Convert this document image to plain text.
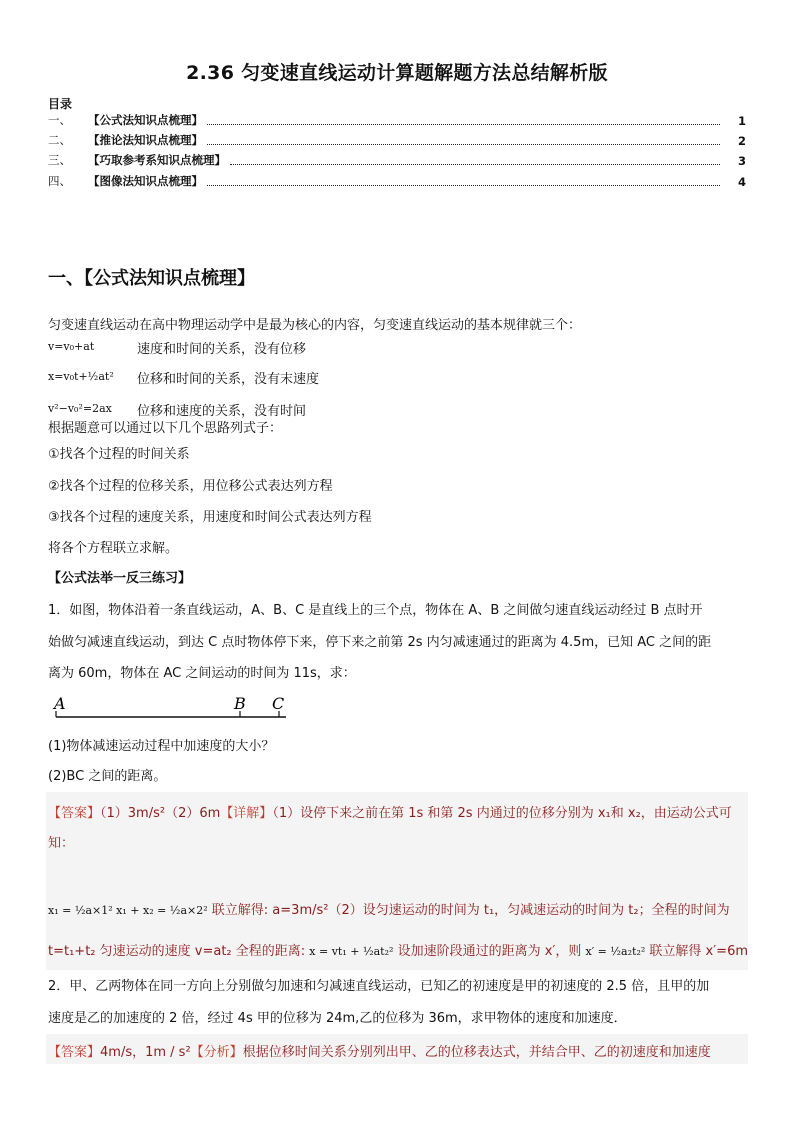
2.36 匀变速直线运动计算题解题方法总结解析版
目录
一、	【公式法知识点梳理】	1
二、	【推论法知识点梳理】	2
三、	【巧取参考系知识点梳理】	3
四、	【图像法知识点梳理】	4
一、【公式法知识点梳理】
匀变速直线运动在高中物理运动学中是最为核心的内容，匀变速直线运动的基本规律就三个：
v=v₀+at	速度和时间的关系，没有位移
x=v₀t+½at² 位移和时间的关系，没有末速度
v²−v₀²=2ax 位移和速度的关系，没有时间
根据题意可以通过以下几个思路列式子：
①找各个过程的时间关系
②找各个过程的位移关系，用位移公式表达列方程
③找各个过程的速度关系，用速度和时间公式表达列方程
将各个方程联立求解。
【公式法举一反三练习】
1．如图，物体沿着一条直线运动，A、B、C 是直线上的三个点，物体在 A、B 之间做匀速直线运动经过 B 点时开
始做匀减速直线运动，到达 C 点时物体停下来，停下来之前第 2s 内匀减速通过的距离为 4.5m，已知 AC 之间的距
离为 60m，物体在 AC 之间运动的时间为 11s，求：
A	B C
(1)物体减速运动过程中加速度的大小？
(2)BC 之间的距离。
【答案】（1）3m/s²（2）6m【详解】（1）设停下来之前在第 1s 和第 2s 内通过的位移分别为 x₁和 x₂，由运动公式可
知：
x₁ = ½a×1² x₁ + x₂ = ½a×2² 联立解得: a=3m/s²（2）设匀速运动的时间为 t₁，匀减速运动的时间为 t₂；全程的时间为
t=t₁+t₂ 匀速运动的速度 v=at₂ 全程的距离: x = vt₁ + ½at₂² 设加速阶段通过的距离为 x′，则 x′ = ½a₂t₂² 联立解得 x′=6m
2．甲、乙两物体在同一方向上分别做匀加速和匀减速直线运动，已知乙的初速度是甲的初速度的 2.5 倍，且甲的加
速度是乙的加速度的 2 倍，经过 4s 甲的位移为 24m,乙的位移为 36m，求甲物体的速度和加速度．
【答案】4m/s，1m / s²【分析】根据位移时间关系分别列出甲、乙的位移表达式，并结合甲、乙的初速度和加速度
